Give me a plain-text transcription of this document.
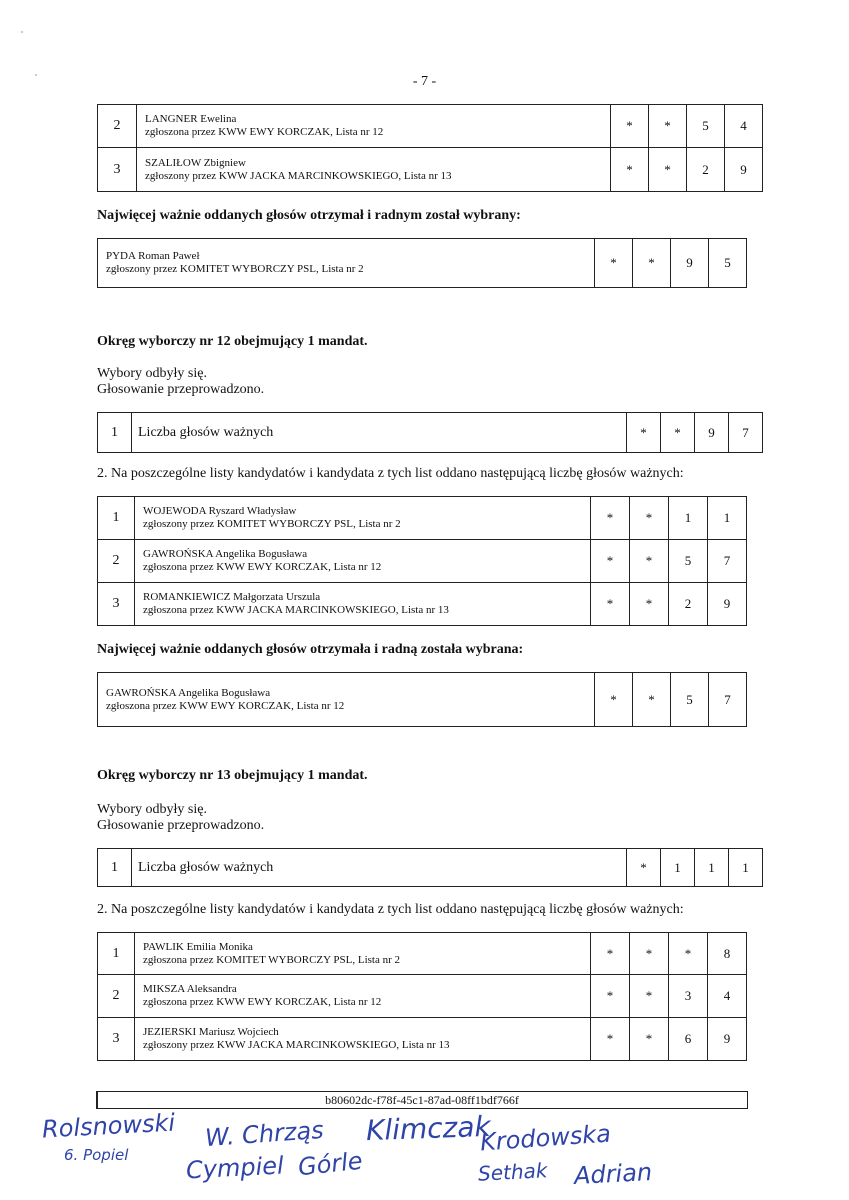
- 7 -
2	LANGNER Ewelina
zgłoszona przez KWW EWY KORCZAK, Lista nr 12	*	*	5	4
3	SZALIŁOW Zbigniew
zgłoszony przez KWW JACKA MARCINKOWSKIEGO, Lista nr 13	*	*	2	9
Najwięcej ważnie oddanych głosów otrzymał i radnym został wybrany:
PYDA Roman Paweł
zgłoszony przez KOMITET WYBORCZY PSL, Lista nr 2	*	*	9	5
Okręg wyborczy nr 12 obejmujący 1 mandat.
Wybory odbyły się.
Głosowanie przeprowadzono.
1	Liczba głosów ważnych	*	*	9	7
2. Na poszczególne listy kandydatów i kandydata z tych list oddano następującą liczbę głosów ważnych:
1	WOJEWODA Ryszard Władysław
zgłoszony przez KOMITET WYBORCZY PSL, Lista nr 2	*	*	1	1
2	GAWROŃSKA Angelika Bogusława
zgłoszona przez KWW EWY KORCZAK, Lista nr 12	*	*	5	7
3	ROMANKIEWICZ Małgorzata Urszula
zgłoszona przez KWW JACKA MARCINKOWSKIEGO, Lista nr 13	*	*	2	9
Najwięcej ważnie oddanych głosów otrzymała i radną została wybrana:
GAWROŃSKA Angelika Bogusława
zgłoszona przez KWW EWY KORCZAK, Lista nr 12	*	*	5	7
Okręg wyborczy nr 13 obejmujący 1 mandat.
Wybory odbyły się.
Głosowanie przeprowadzono.
1	Liczba głosów ważnych	*	1	1	1
2. Na poszczególne listy kandydatów i kandydata z tych list oddano następującą liczbę głosów ważnych:
1	PAWLIK Emilia Monika
zgłoszona przez KOMITET WYBORCZY PSL, Lista nr 2	*	*	*	8
2	MIKSZA Aleksandra
zgłoszona przez KWW EWY KORCZAK, Lista nr 12	*	*	3	4
3	JEZIERSKI Mariusz Wojciech
zgłoszony przez KWW JACKA MARCINKOWSKIEGO, Lista nr 13	*	*	6	9
b80602dc-f78f-45c1-87ad-08ff1bdf766f
Rolsnowski
6. Popiel
W. Chrząs
Cympiel Górle
Klimczak
Krodowska
Sethak Adrian
